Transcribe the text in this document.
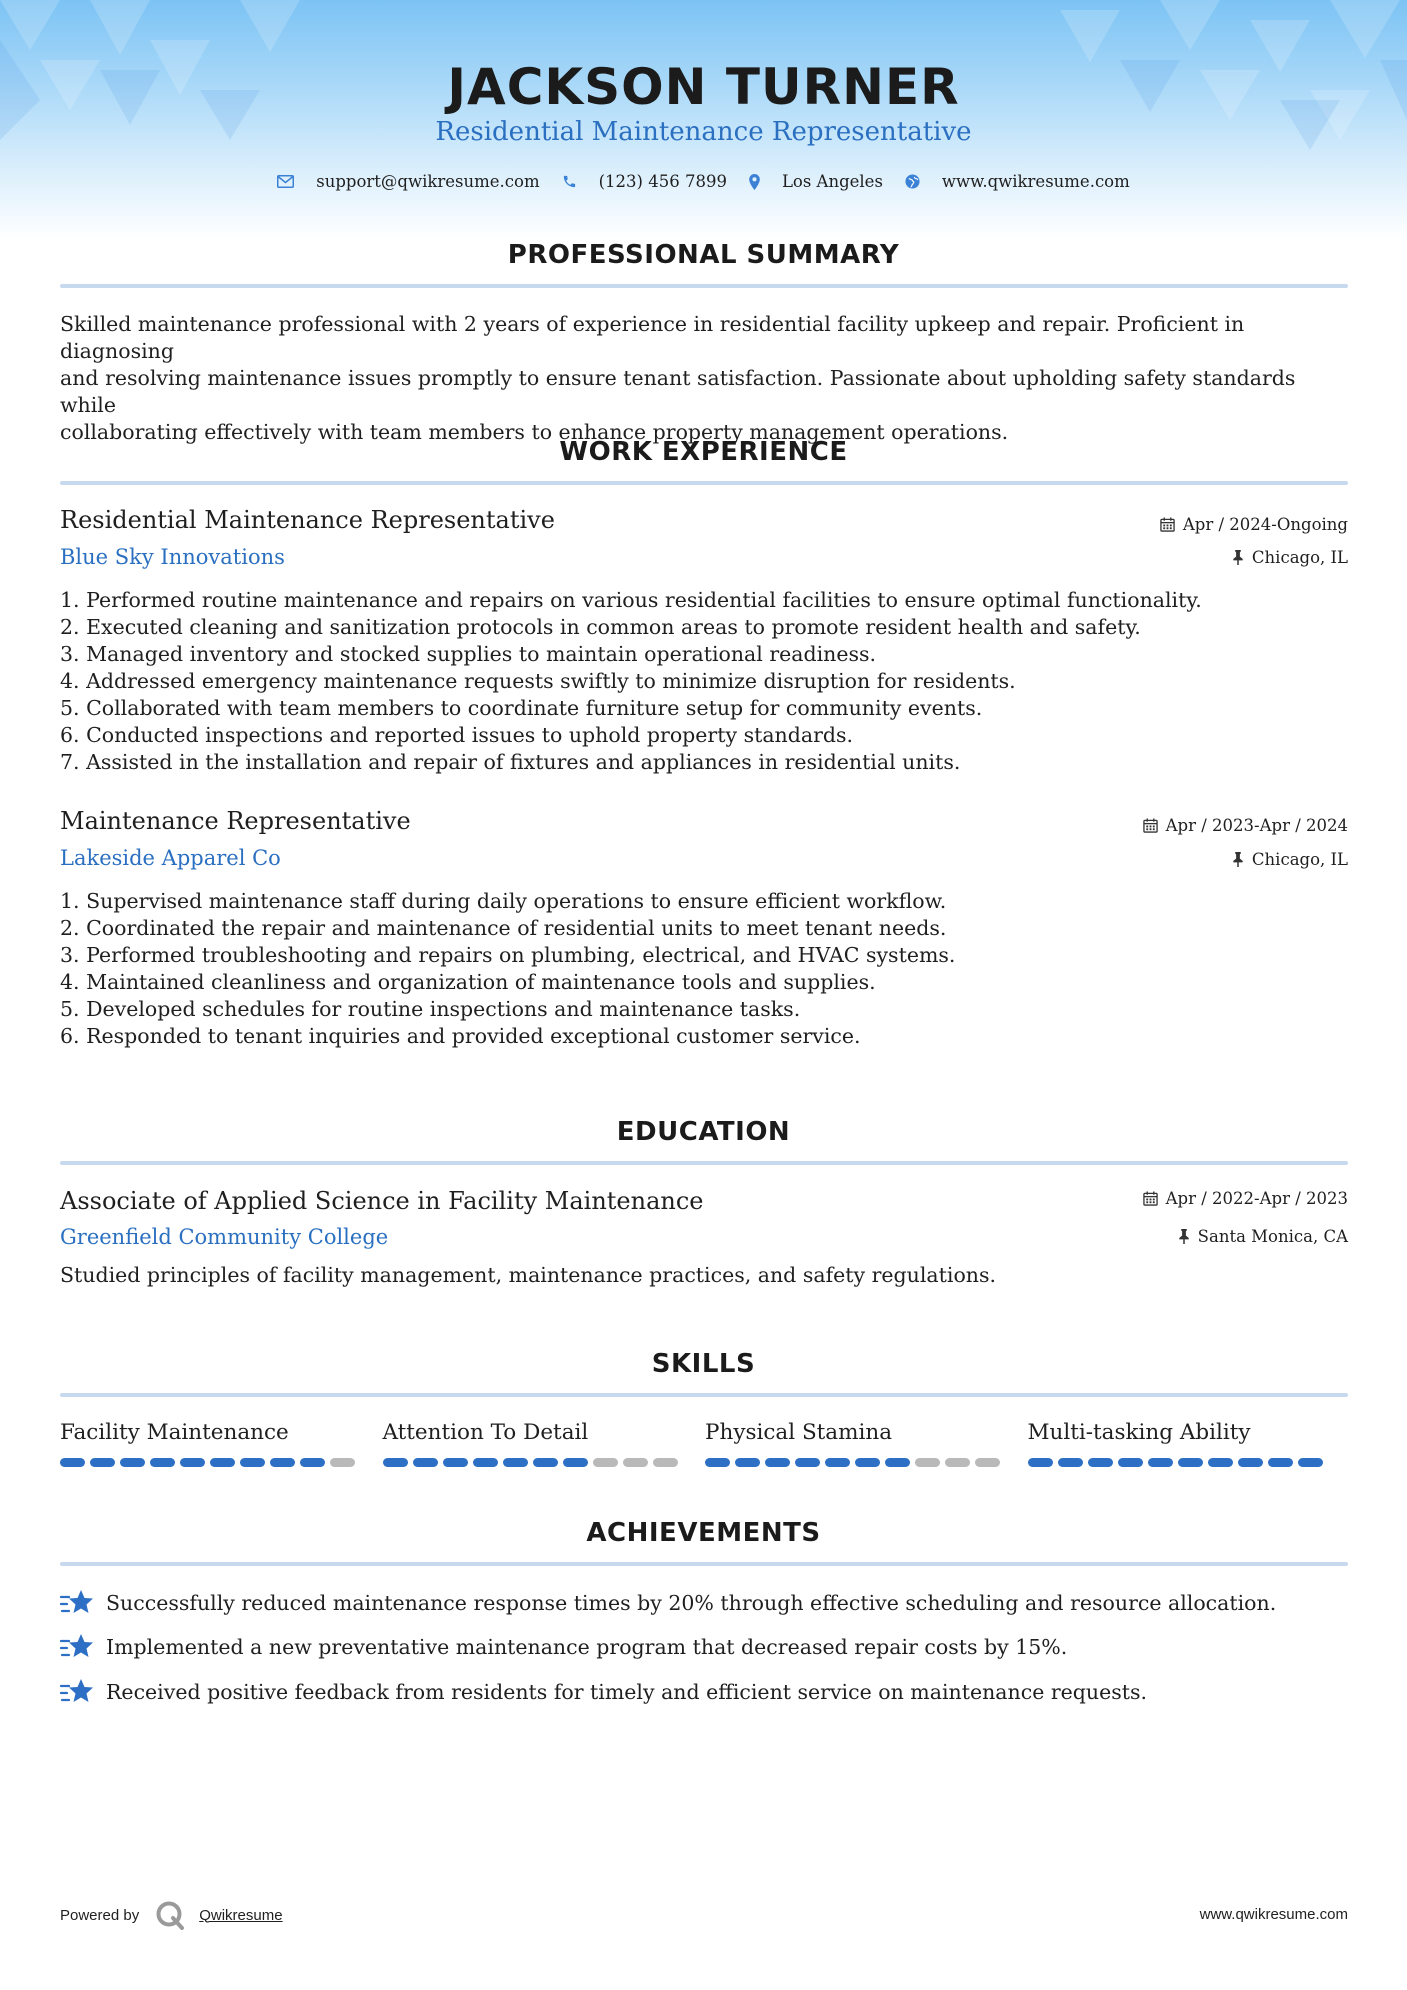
JACKSON TURNER
Residential Maintenance Representative
support@qwikresume.com	(123) 456 7899	Los Angeles	www.qwikresume.com
PROFESSIONAL SUMMARY
Skilled maintenance professional with 2 years of experience in residential facility upkeep and repair. Proficient in diagnosing
and resolving maintenance issues promptly to ensure tenant satisfaction. Passionate about upholding safety standards while
collaborating effectively with team members to enhance property management operations.
WORK EXPERIENCE
Residential Maintenance Representative	Apr / 2024-Ongoing
Blue Sky Innovations	Chicago, IL
1. Performed routine maintenance and repairs on various residential facilities to ensure optimal functionality.
2. Executed cleaning and sanitization protocols in common areas to promote resident health and safety.
3. Managed inventory and stocked supplies to maintain operational readiness.
4. Addressed emergency maintenance requests swiftly to minimize disruption for residents.
5. Collaborated with team members to coordinate furniture setup for community events.
6. Conducted inspections and reported issues to uphold property standards.
7. Assisted in the installation and repair of fixtures and appliances in residential units.
Maintenance Representative	Apr / 2023-Apr / 2024
Lakeside Apparel Co	Chicago, IL
1. Supervised maintenance staff during daily operations to ensure efficient workflow.
2. Coordinated the repair and maintenance of residential units to meet tenant needs.
3. Performed troubleshooting and repairs on plumbing, electrical, and HVAC systems.
4. Maintained cleanliness and organization of maintenance tools and supplies.
5. Developed schedules for routine inspections and maintenance tasks.
6. Responded to tenant inquiries and provided exceptional customer service.
EDUCATION
Associate of Applied Science in Facility Maintenance	Apr / 2022-Apr / 2023
Greenfield Community College	Santa Monica, CA
Studied principles of facility management, maintenance practices, and safety regulations.
SKILLS
Facility Maintenance	Attention To Detail	Physical Stamina	Multi-tasking Ability
ACHIEVEMENTS
Successfully reduced maintenance response times by 20% through effective scheduling and resource allocation.
Implemented a new preventative maintenance program that decreased repair costs by 15%.
Received positive feedback from residents for timely and efficient service on maintenance requests.
Powered by	Qwikresume	www.qwikresume.com
